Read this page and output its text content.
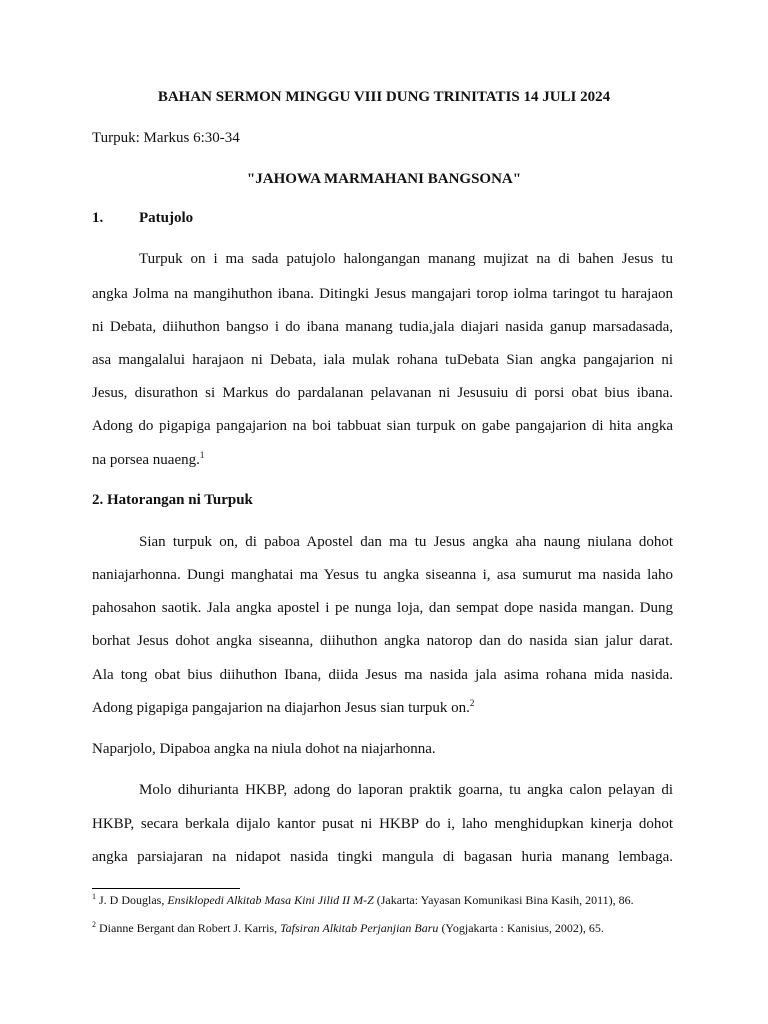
BAHAN SERMON MINGGU VIII DUNG TRINITATIS 14 JULI 2024

Turpuk: Markus 6:30-34

"JAHOWA MARMAHANI BANGSONA"

1. Patujolo

Turpuk on i ma sada patujolo halongangan manang mujizat na di bahen Jesus tu

angka Jolma na mangihuthon ibana. Ditingki Jesus mangajari torop iolma taringot tu harajaon

ni Debata, diihuthon bangso i do ibana manang tudia,jala diajari nasida ganup marsadasada,

asa mangalalui harajaon ni Debata, iala mulak rohana tuDebata Sian angka pangajarion ni

Jesus, disurathon si Markus do pardalanan pelavanan ni Jesusuiu di porsi obat bius ibana.

Adong do pigapiga pangajarion na boi tabbuat sian turpuk on gabe pangajarion di hita angka

na porsea nuaeng.$^1$

2. Hatorangan ni Turpuk

Sian turpuk on, di paboa Apostel dan ma tu Jesus angka aha naung niulana dohot

naniajarhonna. Dungi manghatai ma Yesus tu angka siseanna i, asa sumurut ma nasida laho

pahosahon saotik. Jala angka apostel i pe nunga loja, dan sempat dope nasida mangan. Dung

borhat Jesus dohot angka siseanna, diihuthon angka natorop dan do nasida sian jalur darat.

Ala tong obat bius diihuthon Ibana, diida Jesus ma nasida jala asima rohana mida nasida.

Adong pigapiga pangajarion na diajarhon Jesus sian turpuk on.$^2$

Naparjolo, Dipaboa angka na niula dohot na niajarhonna.

Molo dihurianta HKBP, adong do laporan praktik goarna, tu angka calon pelayan di

HKBP, secara berkala dijalo kantor pusat ni HKBP do i, laho menghidupkan kinerja dohot

angka parsiajaran na nidapot nasida tingki mangula di bagasan huria manang lembaga.

$^1$ J. D Douglas, Ensiklopedi Alkitab Masa Kini Jilid II M-Z (Jakarta: Yayasan Komunikasi Bina Kasih, 2011), 86.

$^2$ Dianne Bergant dan Robert J. Karris, Tafsiran Alkitab Perjanjian Baru (Yogjakarta : Kanisius, 2002), 65.
